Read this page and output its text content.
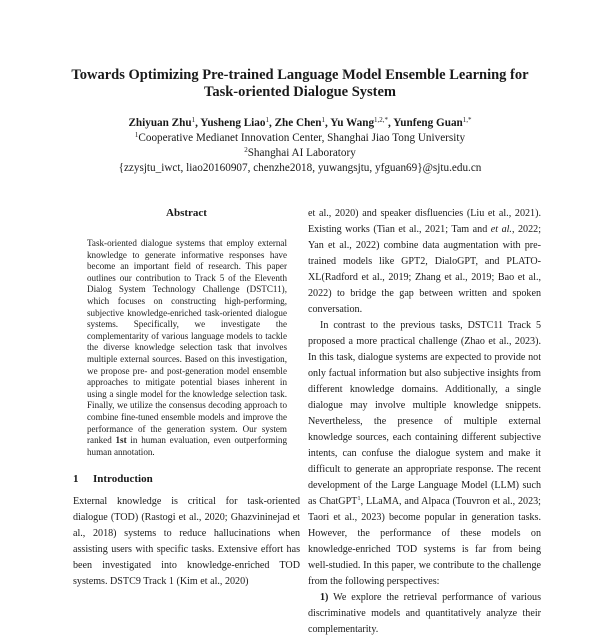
Towards Optimizing Pre-trained Language Model Ensemble Learning for
Task-oriented Dialogue System
Zhiyuan Zhu$^1$, Yusheng Liao$^1$, Zhe Chen$^1$, Yu Wang$^{1,2,*}$, Yunfeng Guan$^{1,*}$
$^1$Cooperative Medianet Innovation Center, Shanghai Jiao Tong University
$^2$Shanghai AI Laboratory
{zzysjtu_iwct, liao20160907, chenzhe2018, yuwangsjtu, yfguan69}@sjtu.edu.cn
Abstract
Task-oriented dialogue systems that employ external knowledge to generate informative responses have become an important field of research. This paper outlines our contribution to Track 5 of the Eleventh Dialog System Technology Challenge (DSTC11), which focuses on constructing high-performing, subjective knowledge-enriched task-oriented dialogue systems. Specifically, we investigate the complementarity of various language models to tackle the diverse knowledge selection task that involves multiple external sources. Based on this investigation, we propose pre- and post-generation model ensemble approaches to mitigate potential biases inherent in using a single model for the knowledge selection task. Finally, we utilize the consensus decoding approach to combine fine-tuned ensemble models and improve the performance of the generation system. Our system ranked 1st in human evaluation, even outperforming human annotation.
1 Introduction

External knowledge is critical for task-oriented dialogue (TOD) (Rastogi et al., 2020; Ghazvininejad et al., 2018) systems to reduce hallucinations when assisting users with specific tasks. Extensive effort has been investigated into knowledge-enriched TOD systems. DSTC9 Track 1 (Kim et al., 2020)

et al., 2020) and speaker disfluencies (Liu et al., 2021). Existing works (Tian et al., 2021; Tam and et al., 2022; Yan et al., 2022) combine data augmentation with pre-trained models like GPT2, DialoGPT, and PLATO-XL(Radford et al., 2019; Zhang et al., 2019; Bao et al., 2022) to bridge the gap between written and spoken conversation.

In contrast to the previous tasks, DSTC11 Track 5 proposed a more practical challenge (Zhao et al., 2023). In this task, dialogue systems are expected to provide not only factual information but also subjective insights from different knowledge domains. Additionally, a single dialogue may involve multiple knowledge snippets. Nevertheless, the presence of multiple external knowledge sources, each containing different subjective intents, can confuse the dialogue system and make it difficult to generate an appropriate response. The recent development of the Large Language Model (LLM) such as ChatGPT$^1$, LLaMA, and Alpaca (Touvron et al., 2023; Taori et al., 2023) become popular in generation tasks. However, the performance of these models on knowledge-enriched TOD systems is far from being well-studied. In this paper, we contribute to the challenge from the following perspectives:

1) We explore the retrieval performance of various discriminative models and quantitatively analyze their complementarity.
